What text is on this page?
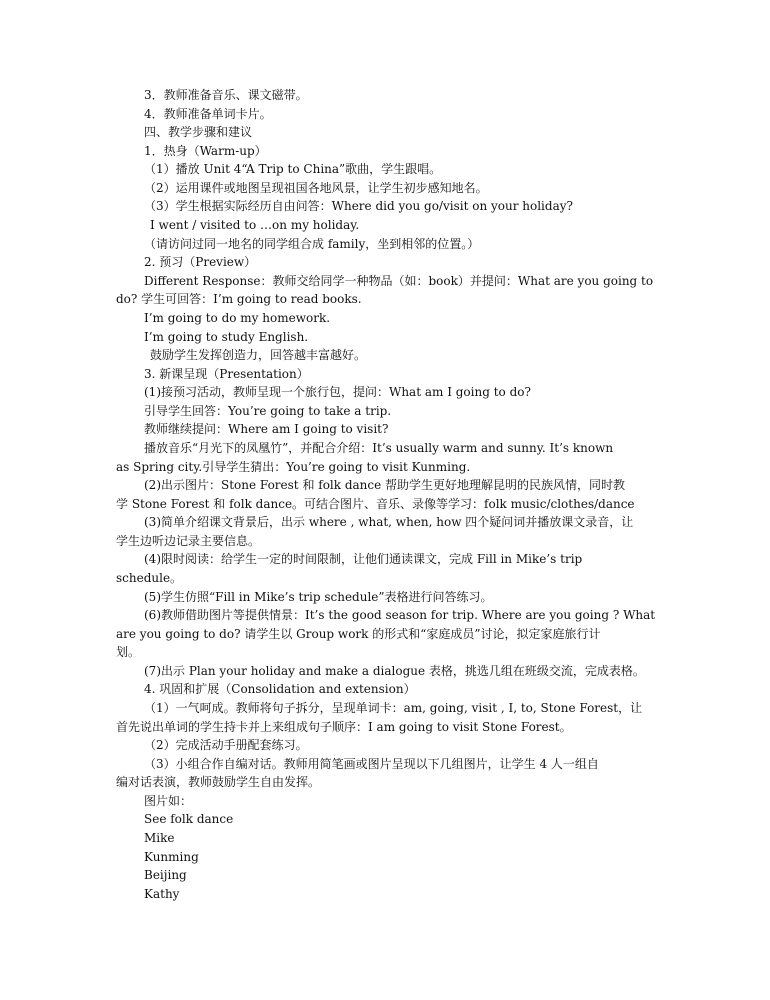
3．教师准备音乐、课文磁带。
4．教师准备单词卡片。
四、教学步骤和建议
1．热身（Warm-up）
（1）播放 Unit 4“A Trip to China”歌曲，学生跟唱。
（2）运用课件或地图呈现祖国各地风景，让学生初步感知地名。
（3）学生根据实际经历自由问答：Where did you go/visit on your holiday?
I went / visited to …on my holiday.
（请访问过同一地名的同学组合成 family，坐到相邻的位置。）
2. 预习（Preview）
Different Response：教师交给同学一种物品（如：book）并提问：What are you going to
do? 学生可回答：I’m going to read books.
I’m going to do my homework.
I’m going to study English.
鼓励学生发挥创造力，回答越丰富越好。
3. 新课呈现（Presentation）
(1)接预习活动，教师呈现一个旅行包，提问：What am I going to do?
引导学生回答：You’re going to take a trip.
教师继续提问：Where am I going to visit?
播放音乐“月光下的凤凰竹”，并配合介绍：It’s usually warm and sunny. It’s known
as Spring city.引导学生猜出：You’re going to visit Kunming.
(2)出示图片：Stone Forest 和 folk dance 帮助学生更好地理解昆明的民族风情，同时教
学 Stone Forest 和 folk dance。可结合图片、音乐、录像等学习：folk music/clothes/dance
(3)简单介绍课文背景后，出示 where , what, when, how 四个疑问词并播放课文录音，让
学生边听边记录主要信息。
(4)限时阅读：给学生一定的时间限制，让他们通读课文，完成 Fill in Mike’s trip
schedule。
(5)学生仿照“Fill in Mike’s trip schedule”表格进行问答练习。
(6)教师借助图片等提供情景：It’s the good season for trip. Where are you going ? What
are you going to do? 请学生以 Group work 的形式和“家庭成员”讨论，拟定家庭旅行计
划。
(7)出示 Plan your holiday and make a dialogue 表格，挑选几组在班级交流，完成表格。
4. 巩固和扩展（Consolidation and extension）
（1）一气呵成。教师将句子拆分，呈现单词卡：am, going, visit , I, to, Stone Forest，让
首先说出单词的学生持卡并上来组成句子顺序：I am going to visit Stone Forest。
（2）完成活动手册配套练习。
（3）小组合作自编对话。教师用简笔画或图片呈现以下几组图片，让学生 4 人一组自
编对话表演，教师鼓励学生自由发挥。
图片如：
See folk dance
Mike
Kunming
Beijing
Kathy
